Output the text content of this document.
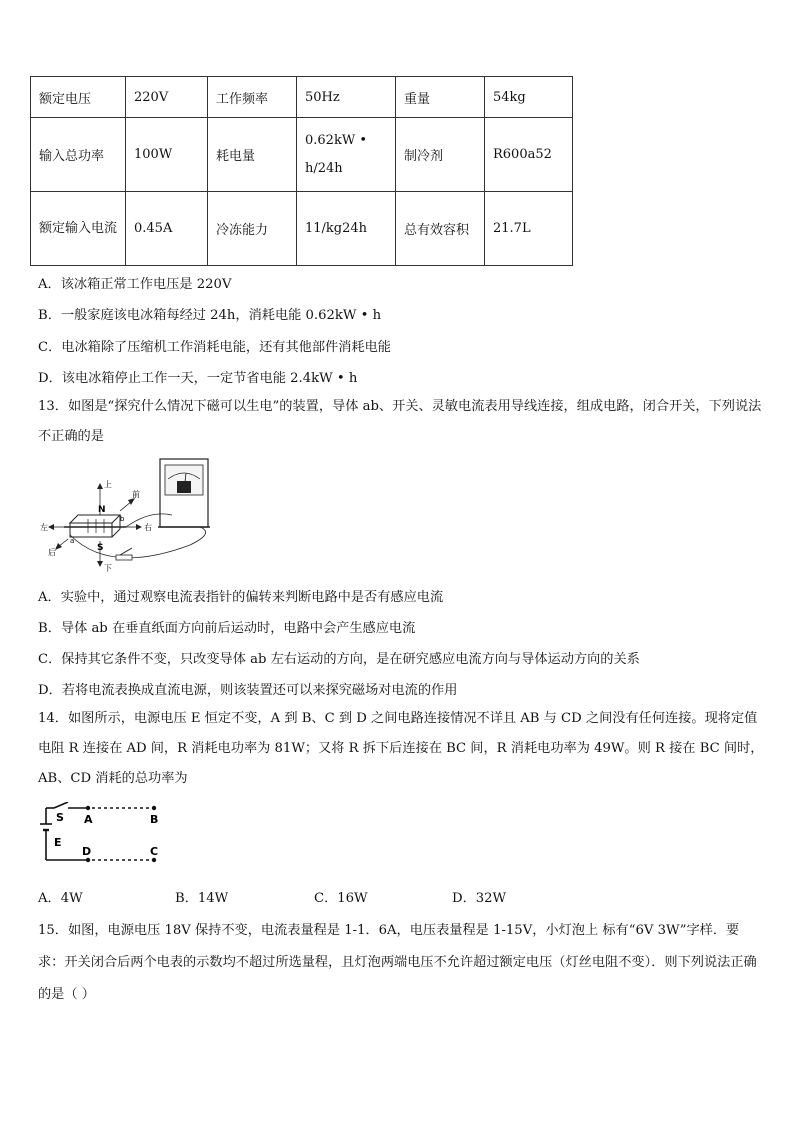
额定电压	220V	工作频率	50Hz	重量	54kg
输入总功率	100W	耗电量	0.62kW • h/24h	制冷剂	R600a52
额定输入电流	0.45A	冷冻能力	11/kg24h	总有效容积	21.7L
A．该冰箱正常工作电压是 220V
B．一般家庭该电冰箱每经过 24h，消耗电能 0.62kW • h
C．电冰箱除了压缩机工作消耗电能，还有其他部件消耗电能
D．该电冰箱停止工作一天，一定节省电能 2.4kW • h
13．如图是“探究什么情况下磁可以生电”的装置，导体 ab、开关、灵敏电流表用导线连接，组成电路，闭合开关，下列说法不正确的是
上
下
左	右
前
后
N
S
a
b
A．实验中，通过观察电流表指针的偏转来判断电路中是否有感应电流
B．导体 ab 在垂直纸面方向前后运动时，电路中会产生感应电流
C．保持其它条件不变，只改变导体 ab 左右运动的方向，是在研究感应电流方向与导体运动方向的关系
D．若将电流表换成直流电源，则该装置还可以来探究磁场对电流的作用
14．如图所示，电源电压 E 恒定不变，A 到 B、C 到 D 之间电路连接情况不详且 AB 与 CD 之间没有任何连接。现将定值电阻 R 连接在 AD 间，R 消耗电功率为 81W；又将 R 拆下后连接在 BC 间，R 消耗电功率为 49W。则 R 接在 BC 间时，AB、CD 消耗的总功率为
S
E
A	B
C
D
A．4W	B．14W	C．16W	D．32W
15．如图，电源电压 18V 保持不变，电流表量程是 1-1．6A，电压表量程是 1-15V，小灯泡上 标有“6V 3W”字样．要求：开关闭合后两个电表的示数均不超过所选量程，且灯泡两端电压不允许超过额定电压（灯丝电阻不变）．则下列说法正确的是（ ）
